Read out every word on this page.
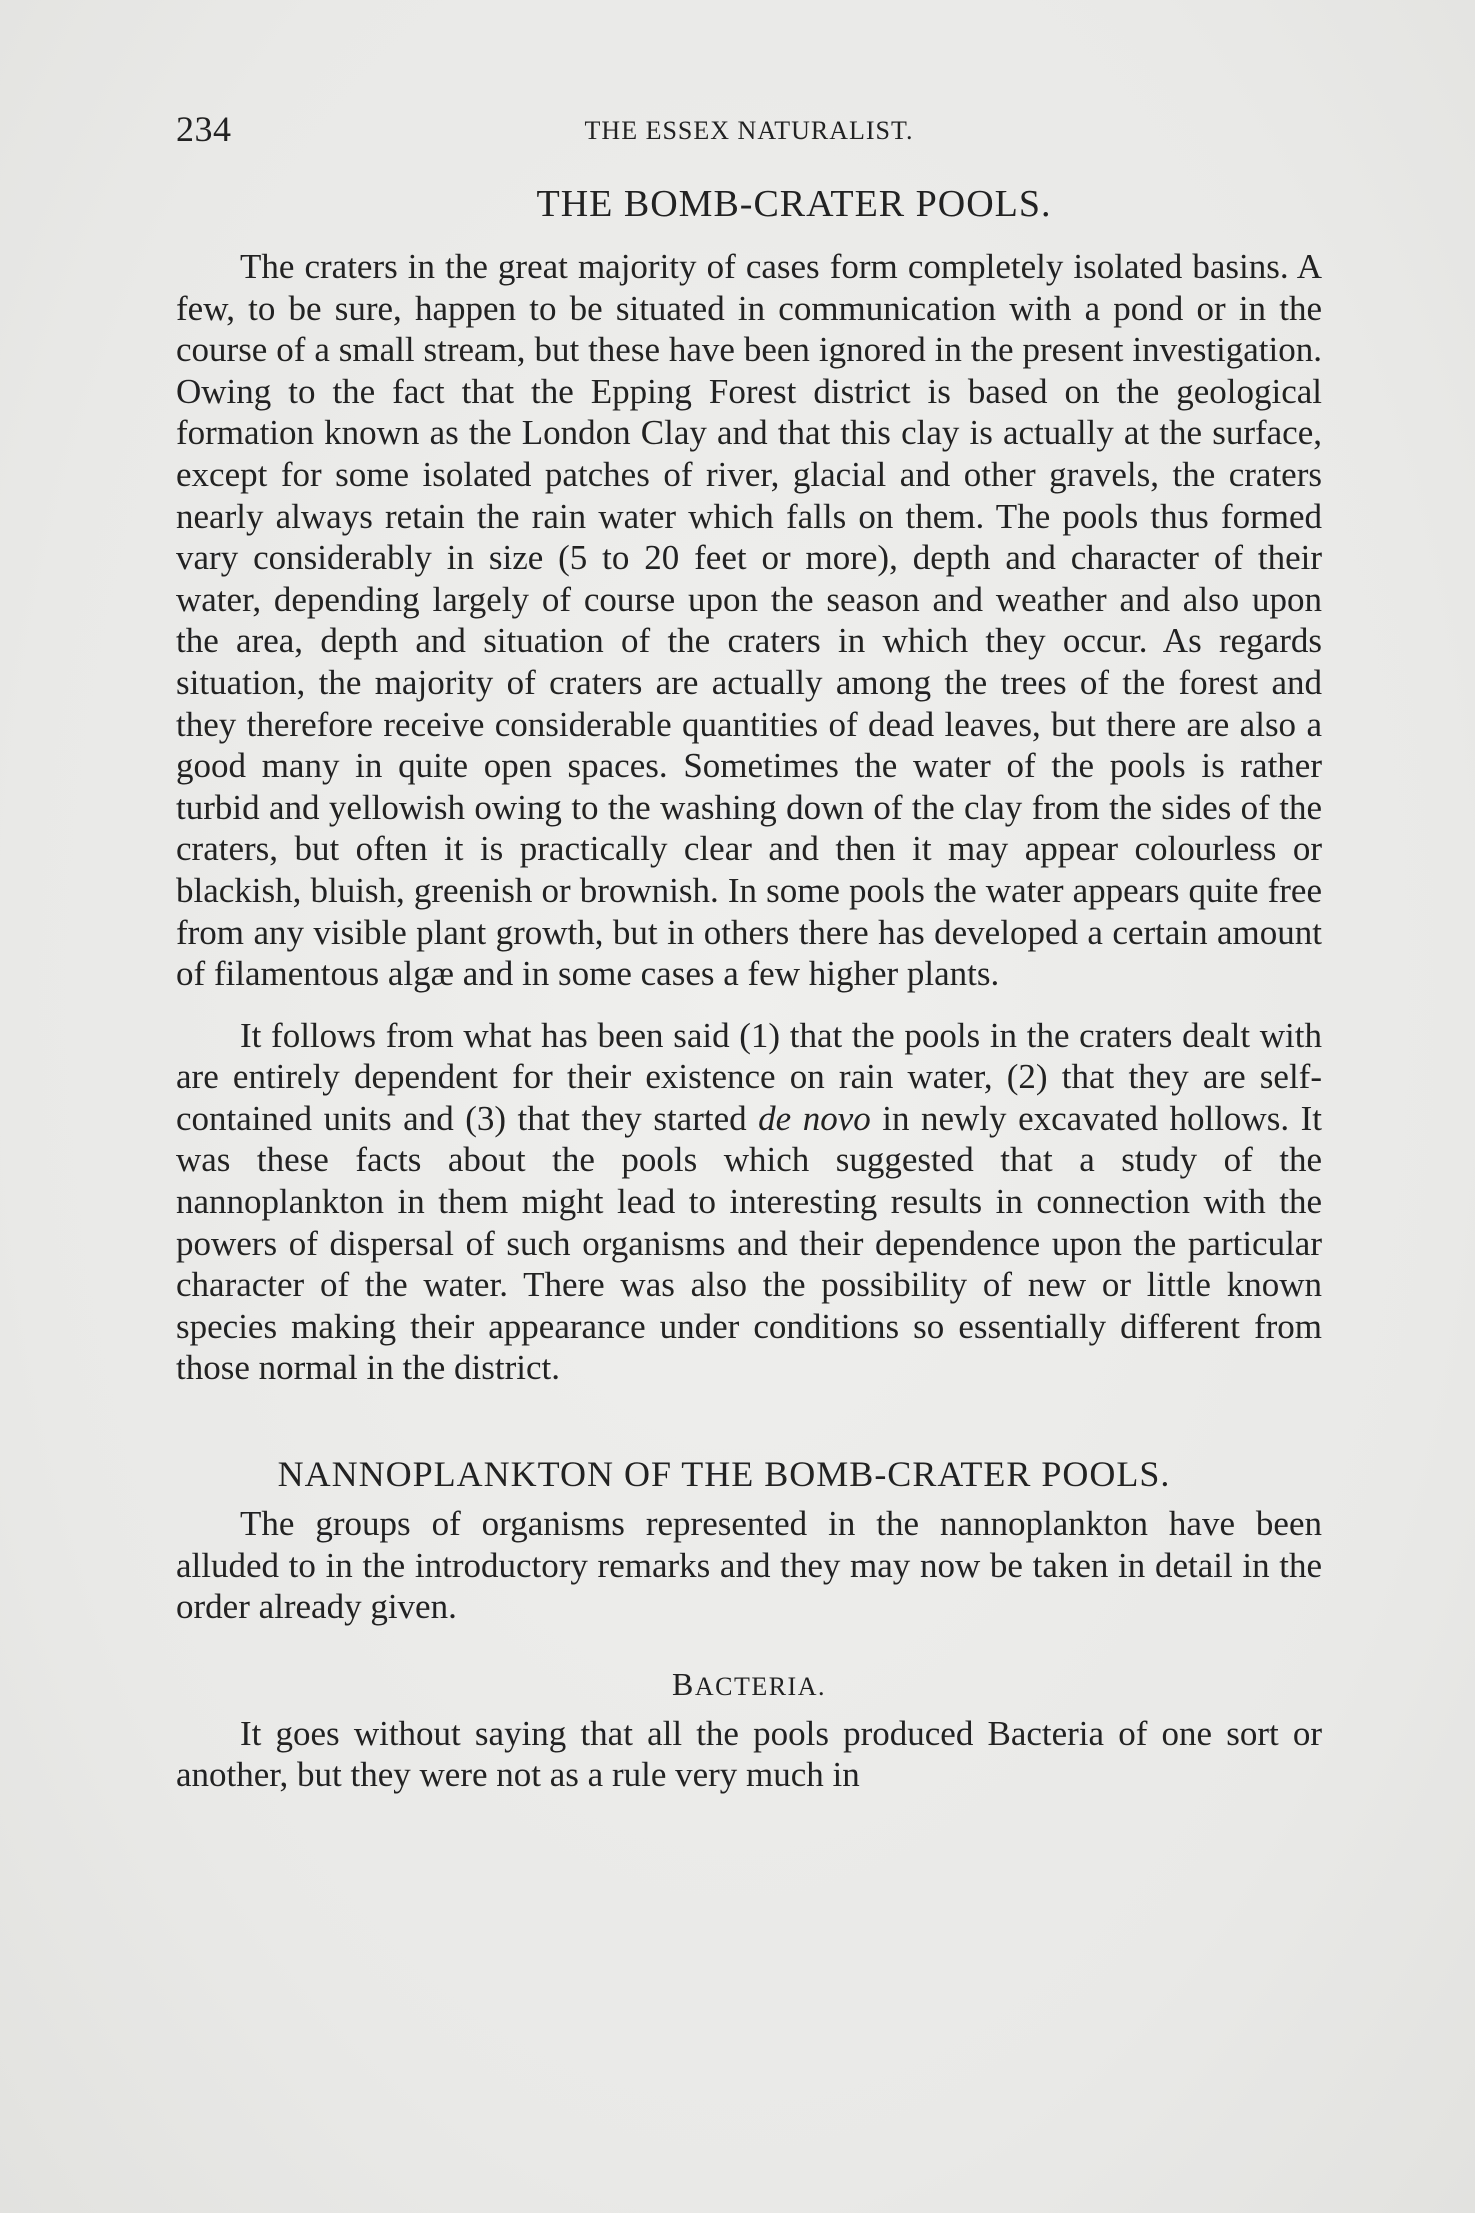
234	THE ESSEX NATURALIST.
THE BOMB-CRATER POOLS.

The craters in the great majority of cases form completely isolated basins. A few, to be sure, happen to be situated in communication with a pond or in the course of a small stream, but these have been ignored in the present investigation. Owing to the fact that the Epping Forest district is based on the geological formation known as the London Clay and that this clay is actually at the surface, except for some isolated patches of river, glacial and other gravels, the craters nearly always retain the rain water which falls on them. The pools thus formed vary considerably in size (5 to 20 feet or more), depth and character of their water, depending largely of course upon the season and weather and also upon the area, depth and situation of the craters in which they occur. As regards situation, the majority of craters are actually among the trees of the forest and they therefore receive considerable quantities of dead leaves, but there are also a good many in quite open spaces. Sometimes the water of the pools is rather turbid and yellowish owing to the washing down of the clay from the sides of the craters, but often it is practically clear and then it may appear colourless or blackish, bluish, greenish or brownish. In some pools the water appears quite free from any visible plant growth, but in others there has developed a certain amount of filamentous algæ and in some cases a few higher plants.

It follows from what has been said (1) that the pools in the craters dealt with are entirely dependent for their existence on rain water, (2) that they are self-contained units and (3) that they started de novo in newly excavated hollows. It was these facts about the pools which suggested that a study of the nannoplankton in them might lead to interesting results in connection with the powers of dispersal of such organisms and their dependence upon the particular character of the water. There was also the possibility of new or little known species making their appearance under conditions so essentially different from those normal in the district.

NANNOPLANKTON OF THE BOMB-CRATER POOLS.

The groups of organisms represented in the nannoplankton have been alluded to in the introductory remarks and they may now be taken in detail in the order already given.

BACTERIA.

It goes without saying that all the pools produced Bacteria of one sort or another, but they were not as a rule very much in
